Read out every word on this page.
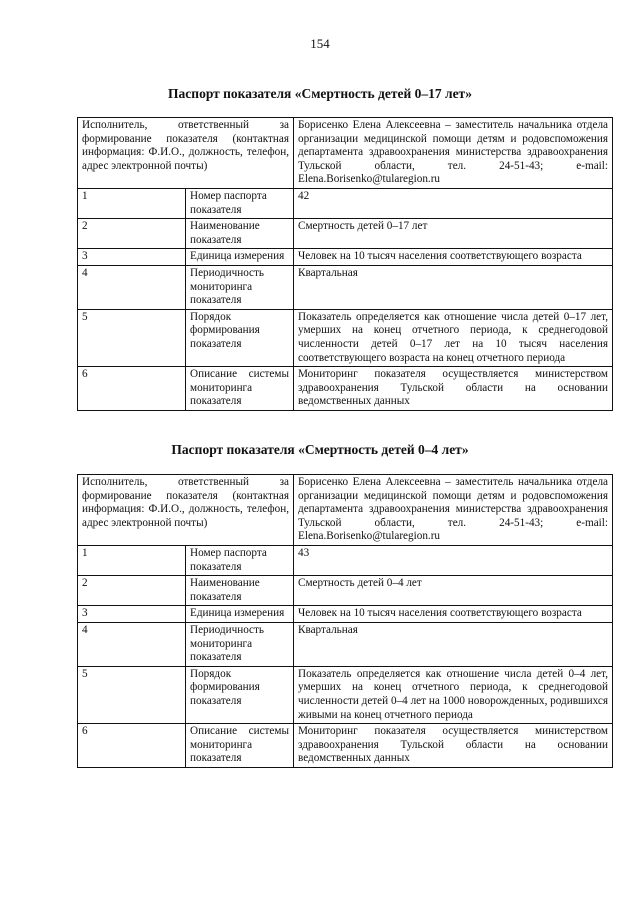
154
Паспорт показателя «Смертность детей 0–17 лет»
Исполнитель, ответственный за формирование показателя (контактная информация: Ф.И.О., должность, телефон, адрес электронной почты)		Борисенко Елена Алексеевна – заместитель начальника отдела организации медицинской помощи детям и родовспоможения департамента здравоохранения министерства здравоохранения Тульской области, тел. 24-51-43; e-mail: Elena.Borisenko@tularegion.ru
1	Номер паспорта показателя	42
2	Наименование показателя	Смертность детей 0–17 лет
3	Единица измерения	Человек на 10 тысяч населения соответствующего возраста
4	Периодичность мониторинга показателя	Квартальная
5	Порядок формирования показателя	Показатель определяется как отношение числа детей 0–17 лет, умерших на конец отчетного периода, к среднегодовой численности детей 0–17 лет на 10 тысяч населения соответствующего возраста на конец отчетного периода
6	Описание системы мониторинга показателя	Мониторинг показателя осуществляется министерством здравоохранения Тульской области на основании ведомственных данных
Паспорт показателя «Смертность детей 0–4 лет»
Исполнитель, ответственный за формирование показателя (контактная информация: Ф.И.О., должность, телефон, адрес электронной почты)		Борисенко Елена Алексеевна – заместитель начальника отдела организации медицинской помощи детям и родовспоможения департамента здравоохранения министерства здравоохранения Тульской области, тел. 24-51-43; e-mail: Elena.Borisenko@tularegion.ru
1	Номер паспорта показателя	43
2	Наименование показателя	Смертность детей 0–4 лет
3	Единица измерения	Человек на 10 тысяч населения соответствующего возраста
4	Периодичность мониторинга показателя	Квартальная
5	Порядок формирования показателя	Показатель определяется как отношение числа детей 0–4 лет, умерших на конец отчетного периода, к среднегодовой численности детей 0–4 лет на 1000 новорожденных, родившихся живыми на конец отчетного периода
6	Описание системы мониторинга показателя	Мониторинг показателя осуществляется министерством здравоохранения Тульской области на основании ведомственных данных
